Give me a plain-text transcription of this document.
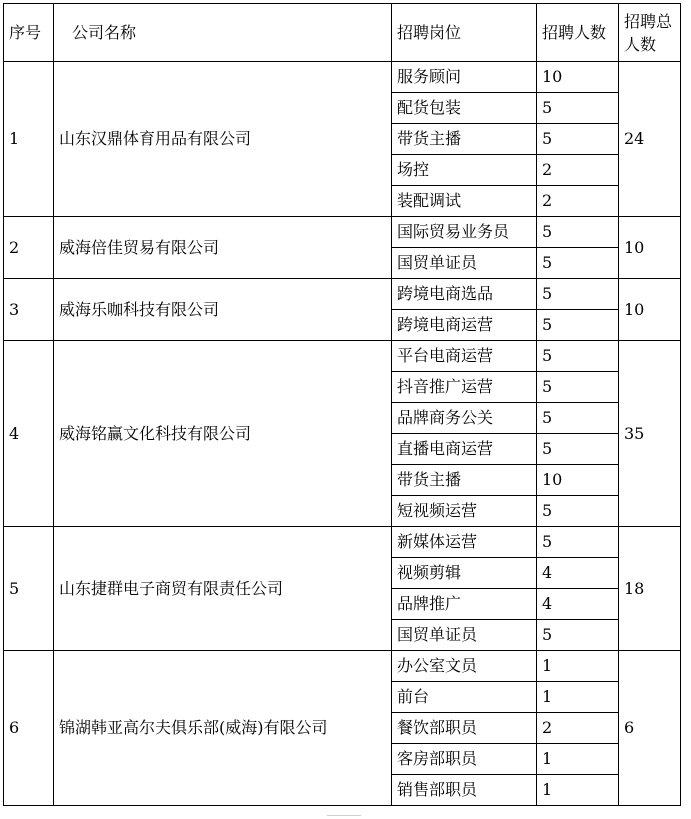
序号	公司名称	招聘岗位	招聘人数	招聘总人数
1	山东汉鼎体育用品有限公司	服务顾问	10	24
		配货包装	5	
		带货主播	5	
		场控	2	
		装配调试	2	
2	威海倍佳贸易有限公司	国际贸易业务员	5	10
		国贸单证员	5	
3	威海乐咖科技有限公司	跨境电商选品	5	10
		跨境电商运营	5	
4	威海铭赢文化科技有限公司	平台电商运营	5	35
		抖音推广运营	5	
		品牌商务公关	5	
		直播电商运营	5	
		带货主播	10	
		短视频运营	5	
5	山东捷群电子商贸有限责任公司	新媒体运营	5	18
		视频剪辑	4	
		品牌推广	4	
		国贸单证员	5	
6	锦湖韩亚高尔夫俱乐部(威海)有限公司	办公室文员	1	6
		前台	1	
		餐饮部职员	2	
		客房部职员	1	
		销售部职员	1	
